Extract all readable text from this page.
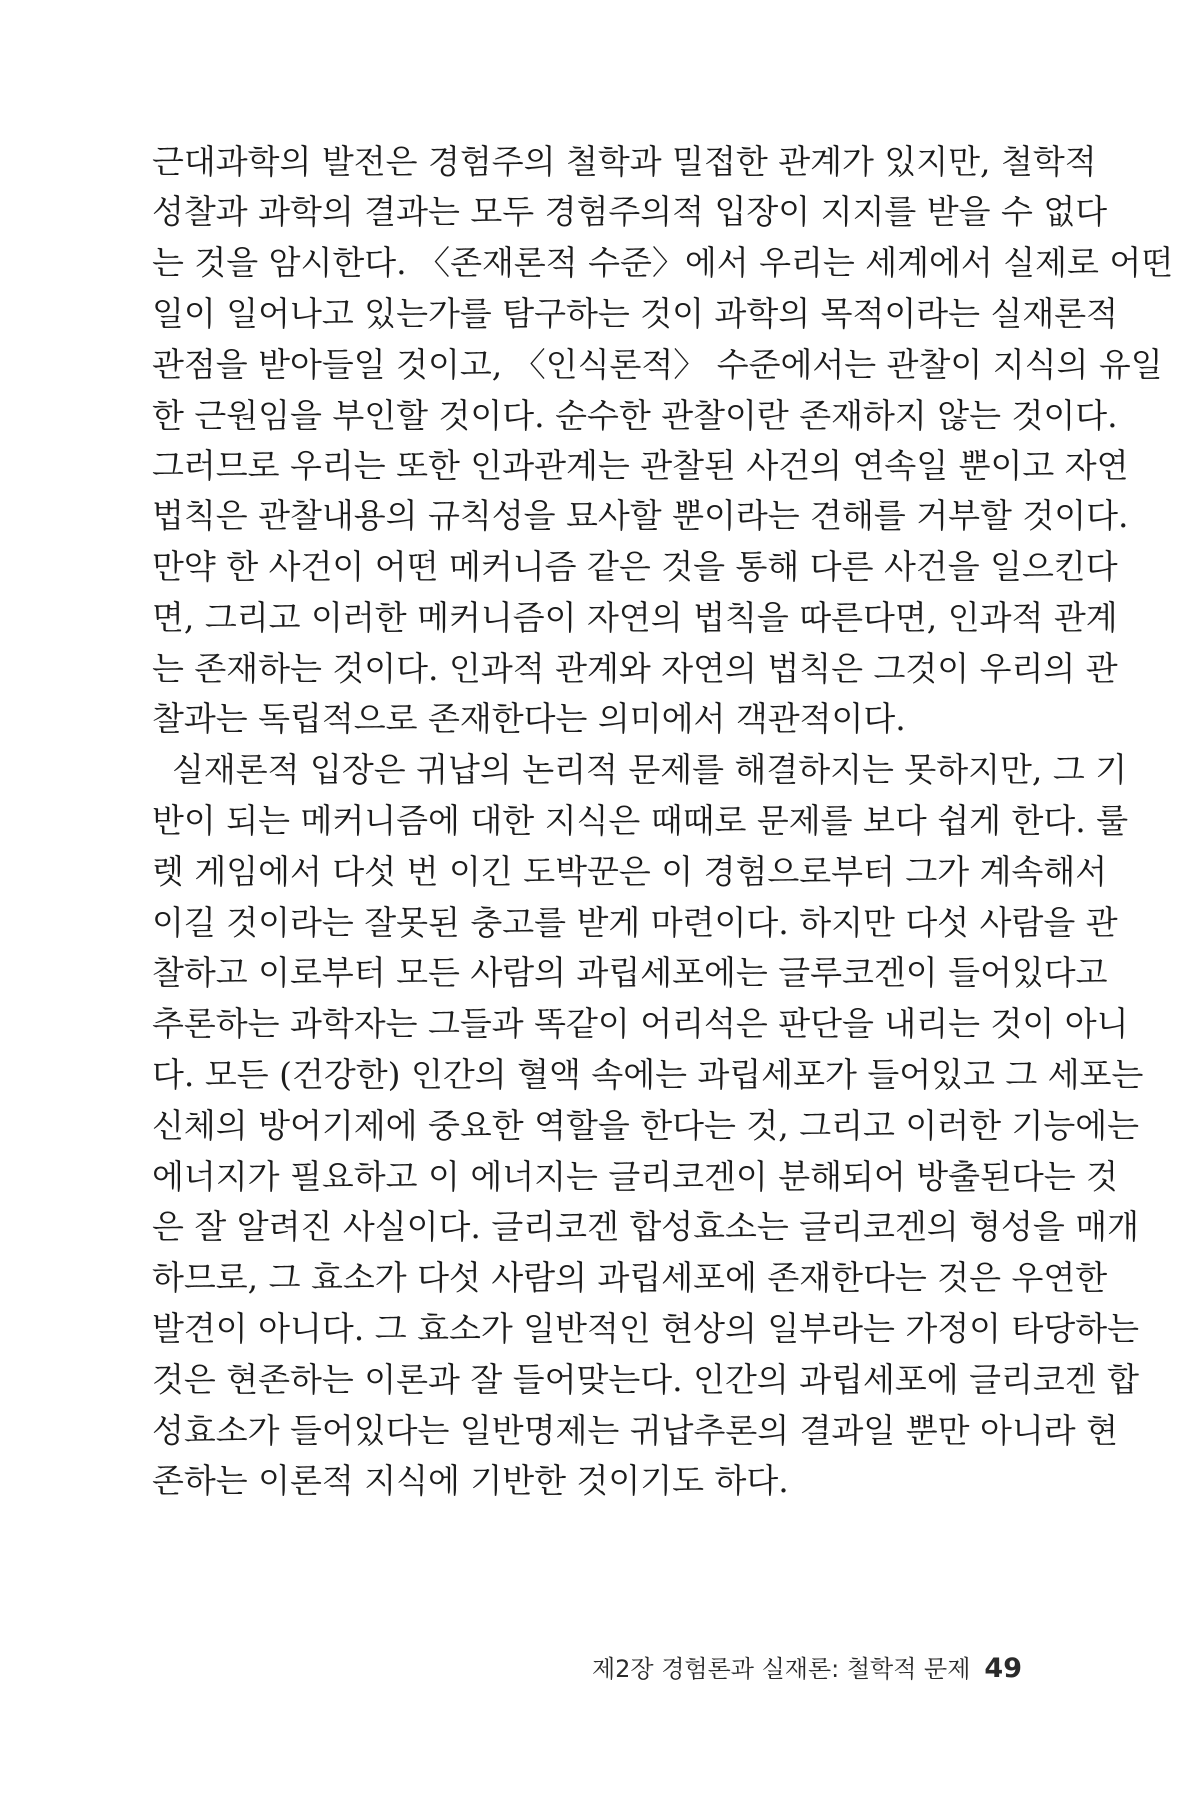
근대과학의 발전은 경험주의 철학과 밀접한 관계가 있지만, 철학적
성찰과 과학의 결과는 모두 경험주의적 입장이 지지를 받을 수 없다
는 것을 암시한다. 〈존재론적 수준〉에서 우리는 세계에서 실제로 어떤
일이 일어나고 있는가를 탐구하는 것이 과학의 목적이라는 실재론적
관점을 받아들일 것이고, 〈인식론적〉 수준에서는 관찰이 지식의 유일
한 근원임을 부인할 것이다. 순수한 관찰이란 존재하지 않는 것이다.
그러므로 우리는 또한 인과관계는 관찰된 사건의 연속일 뿐이고 자연
법칙은 관찰내용의 규칙성을 묘사할 뿐이라는 견해를 거부할 것이다.
만약 한 사건이 어떤 메커니즘 같은 것을 통해 다른 사건을 일으킨다
면, 그리고 이러한 메커니즘이 자연의 법칙을 따른다면, 인과적 관계
는 존재하는 것이다. 인과적 관계와 자연의 법칙은 그것이 우리의 관
찰과는 독립적으로 존재한다는 의미에서 객관적이다.
실재론적 입장은 귀납의 논리적 문제를 해결하지는 못하지만, 그 기
반이 되는 메커니즘에 대한 지식은 때때로 문제를 보다 쉽게 한다. 룰
렛 게임에서 다섯 번 이긴 도박꾼은 이 경험으로부터 그가 계속해서
이길 것이라는 잘못된 충고를 받게 마련이다. 하지만 다섯 사람을 관
찰하고 이로부터 모든 사람의 과립세포에는 글루코겐이 들어있다고
추론하는 과학자는 그들과 똑같이 어리석은 판단을 내리는 것이 아니
다. 모든 (건강한) 인간의 혈액 속에는 과립세포가 들어있고 그 세포는
신체의 방어기제에 중요한 역할을 한다는 것, 그리고 이러한 기능에는
에너지가 필요하고 이 에너지는 글리코겐이 분해되어 방출된다는 것
은 잘 알려진 사실이다. 글리코겐 합성효소는 글리코겐의 형성을 매개
하므로, 그 효소가 다섯 사람의 과립세포에 존재한다는 것은 우연한
발견이 아니다. 그 효소가 일반적인 현상의 일부라는 가정이 타당하는
것은 현존하는 이론과 잘 들어맞는다. 인간의 과립세포에 글리코겐 합
성효소가 들어있다는 일반명제는 귀납추론의 결과일 뿐만 아니라 현
존하는 이론적 지식에 기반한 것이기도 하다.
제2장 경험론과 실재론: 철학적 문제 49
